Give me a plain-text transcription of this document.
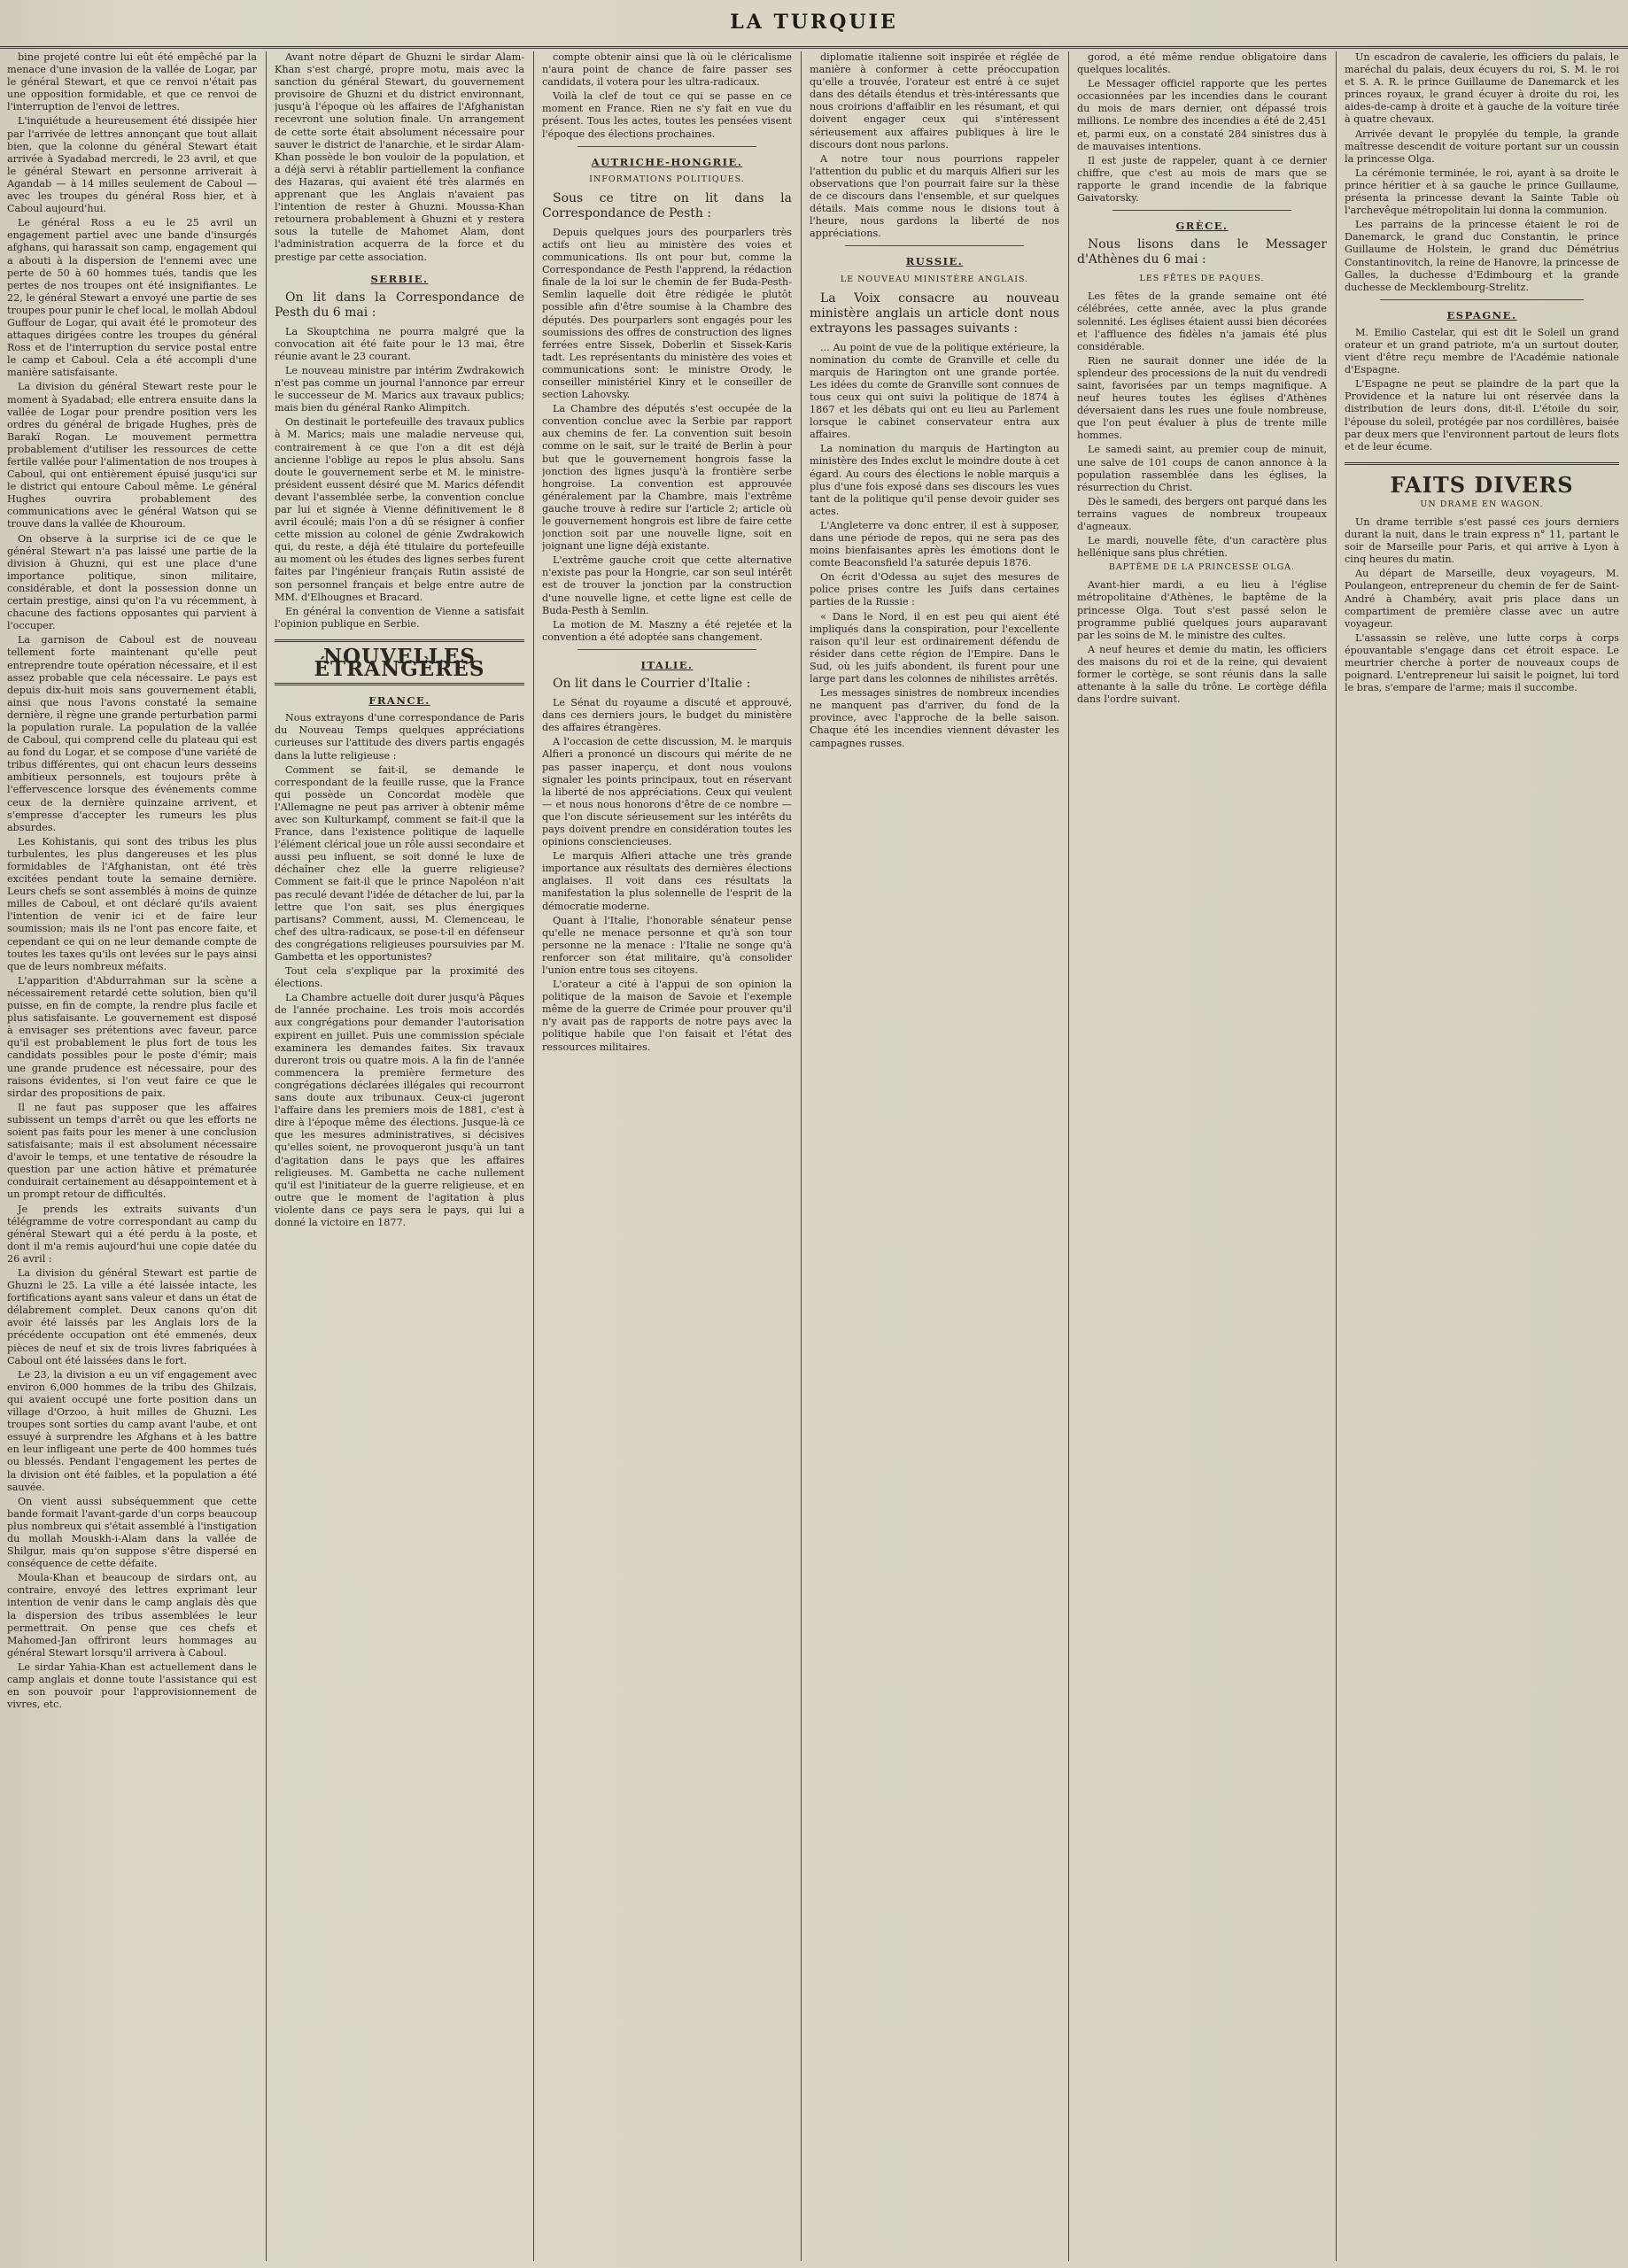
LA TURQUIE

bine projeté contre lui eût été empêché par la menace d'une invasion de la vallée de Logar, par le général Stewart, et que ce renvoi n'était pas une opposition formidable, et que ce renvoi de l'interruption de l'envoi de lettres.

L'inquiétude a heureusement été dissipée hier par l'arrivée de lettres annonçant que tout allait bien, que la colonne du général Stewart était arrivée à Syadabad mercredi, le 23 avril, et que le général Stewart en personne arriverait à Agandab — à 14 milles seulement de Caboul — avec les troupes du général Ross hier, et à Caboul aujourd'hui.

Le général Ross a eu le 25 avril un engagement partiel avec une bande d'insurgés afghans, qui harassait son camp, engagement qui a abouti à la dispersion de l'ennemi avec une perte de 50 à 60 hommes tués, tandis que les pertes de nos troupes ont été insignifiantes. Le 22, le général Stewart a envoyé une partie de ses troupes pour punir le chef local, le mollah Abdoul Guffour de Logar, qui avait été le promoteur des attaques dirigées contre les troupes du général Ross et de l'interruption du service postal entre le camp et Caboul. Cela a été accompli d'une manière satisfaisante.

La division du général Stewart reste pour le moment à Syadabad; elle entrera ensuite dans la vallée de Logar pour prendre position vers les ordres du général de brigade Hughes, près de Barakï Rogan. Le mouvement permettra probablement d'utiliser les ressources de cette fertile vallée pour l'alimentation de nos troupes à Caboul, qui ont entièrement épuisé jusqu'ici sur le district qui entoure Caboul même. Le général Hughes ouvrira probablement des communications avec le général Watson qui se trouve dans la vallée de Khouroum.

On observe à la surprise ici de ce que le général Stewart n'a pas laissé une partie de la division à Ghuzni, qui est une place d'une importance politique, sinon militaire, considérable, et dont la possession donne un certain prestige, ainsi qu'on l'a vu récemment, à chacune des factions opposantes qui parvient à l'occuper.

La garnison de Caboul est de nouveau tellement forte maintenant qu'elle peut entreprendre toute opération nécessaire, et il est assez probable que cela nécessaire. Le pays est depuis dix-huit mois sans gouvernement établi, ainsi que nous l'avons constaté la semaine dernière, il règne une grande perturbation parmi la population rurale. La population de la vallée de Caboul, qui comprend celle du plateau qui est au fond du Logar, et se compose d'une variété de tribus différentes, qui ont chacun leurs desseins ambitieux personnels, est toujours prête à l'effervescence lorsque des événements comme ceux de la dernière quinzaine arrivent, et s'empresse d'accepter les rumeurs les plus absurdes.

Les Kohistanis, qui sont des tribus les plus turbulentes, les plus dangereuses et les plus formidables de l'Afghanistan, ont été très excitées pendant toute la semaine dernière. Leurs chefs se sont assemblés à moins de quinze milles de Caboul, et ont déclaré qu'ils avaient l'intention de venir ici et de faire leur soumission; mais ils ne l'ont pas encore faite, et cependant ce qui on ne leur demande compte de toutes les taxes qu'ils ont levées sur le pays ainsi que de leurs nombreux méfaits.

L'apparition d'Abdurrahman sur la scène a nécessairement retardé cette solution, bien qu'il puisse, en fin de compte, la rendre plus facile et plus satisfaisante. Le gouvernement est disposé à envisager ses prétentions avec faveur, parce qu'il est probablement le plus fort de tous les candidats possibles pour le poste d'émir; mais une grande prudence est nécessaire, pour des raisons évidentes, si l'on veut faire ce que le sirdar des propositions de paix.

Il ne faut pas supposer que les affaires subissent un temps d'arrêt ou que les efforts ne soient pas faits pour les mener à une conclusion satisfaisante; mais il est absolument nécessaire d'avoir le temps, et une tentative de résoudre la question par une action hâtive et prématurée conduirait certainement au désappointement et à un prompt retour de difficultés.

Je prends les extraits suivants d'un télégramme de votre correspondant au camp du général Stewart qui a été perdu à la poste, et dont il m'a remis aujourd'hui une copie datée du 26 avril :

La division du général Stewart est partie de Ghuzni le 25. La ville a été laissée intacte, les fortifications ayant sans valeur et dans un état de délabrement complet. Deux canons qu'on dit avoir été laissés par les Anglais lors de la précédente occupation ont été emmenés, deux pièces de neuf et six de trois livres fabriquées à Caboul ont été laissées dans le fort.

Le 23, la division a eu un vif engagement avec environ 6,000 hommes de la tribu des Ghilzais, qui avaient occupé une forte position dans un village d'Orzoo, à huit milles de Ghuzni. Les troupes sont sorties du camp avant l'aube, et ont essuyé à surprendre les Afghans et à les battre en leur infligeant une perte de 400 hommes tués ou blessés. Pendant l'engagement les pertes de la division ont été faibles, et la population a été sauvée.

On vient aussi subséquemment que cette bande formait l'avant-garde d'un corps beaucoup plus nombreux qui s'était assemblé à l'instigation du mollah Mouskh-i-Alam dans la vallée de Shilgur, mais qu'on suppose s'être dispersé en conséquence de cette défaite.

Moula-Khan et beaucoup de sirdars ont, au contraire, envoyé des lettres exprimant leur intention de venir dans le camp anglais dès que la dispersion des tribus assemblées le leur permettrait. On pense que ces chefs et Mahomed-Jan offriront leurs hommages au général Stewart lorsqu'il arrivera à Caboul.

Le sirdar Yahia-Khan est actuellement dans le camp anglais et donne toute l'assistance qui est en son pouvoir pour l'approvisionnement de vivres, etc.

Avant notre départ de Ghuzni le sirdar Alam-Khan s'est chargé, propre motu, mais avec la sanction du général Stewart, du gouvernement provisoire de Ghuzni et du district environnant, jusqu'à l'époque où les affaires de l'Afghanistan recevront une solution finale. Un arrangement de cette sorte était absolument nécessaire pour sauver le district de l'anarchie, et le sirdar Alam-Khan possède le bon vouloir de la population, et a déjà servi à rétablir partiellement la confiance des Hazaras, qui avaient été très alarmés en apprenant que les Anglais n'avaient pas l'intention de rester à Ghuzni. Moussa-Khan retournera probablement à Ghuzni et y restera sous la tutelle de Mahomet Alam, dont l'administration acquerra de la force et du prestige par cette association.

SERBIE.
On lit dans la Correspondance de Pesth du 6 mai :

La Skouptchina ne pourra malgré que la convocation ait été faite pour le 13 mai, être réunie avant le 23 courant.

Le nouveau ministre par intérim Zwdrakowich n'est pas comme un journal l'annonce par erreur le successeur de M. Marics aux travaux publics; mais bien du général Ranko Alimpitch.

On destinait le portefeuille des travaux publics à M. Marics; mais une maladie nerveuse qui, contrairement à ce que l'on a dit est déjà ancienne l'oblige au repos le plus absolu. Sans doute le gouvernement serbe et M. le ministre-président eussent désiré que M. Marics défendit devant l'assemblée serbe, la convention conclue par lui et signée à Vienne définitivement le 8 avril écoulé; mais l'on a dû se résigner à confier cette mission au colonel de génie Zwdrakowich qui, du reste, a déjà été titulaire du portefeuille au moment où les études des lignes serbes furent faites par l'ingénieur français Rutin assisté de son personnel français et belge entre autre de MM. d'Elhougnes et Bracard.

En général la convention de Vienne a satisfait l'opinion publique en Serbie.

NOUVELLES ÉTRANGÈRES
FRANCE.

Nous extrayons d'une correspondance de Paris du Nouveau Temps quelques appréciations curieuses sur l'attitude des divers partis engagés dans la lutte religieuse :

Comment se fait-il, se demande le correspondant de la feuille russe, que la France qui possède un Concordat modèle que l'Allemagne ne peut pas arriver à obtenir même avec son Kulturkampf, comment se fait-il que la France, dans l'existence politique de laquelle l'élément clérical joue un rôle aussi secondaire et aussi peu influent, se soit donné le luxe de déchaîner chez elle la guerre religieuse? Comment se fait-il que le prince Napoléon n'ait pas reculé devant l'idée de détacher de lui, par la lettre que l'on sait, ses plus énergiques partisans? Comment, aussi, M. Clemenceau, le chef des ultra-radicaux, se pose-t-il en défenseur des congrégations religieuses poursuivies par M. Gambetta et les opportunistes?

Tout cela s'explique par la proximité des élections.

La Chambre actuelle doit durer jusqu'à Pâques de l'année prochaine. Les trois mois accordés aux congrégations pour demander l'autorisation expirent en juillet. Puis une commission spéciale examinera les demandes faites. Six travaux dureront trois ou quatre mois. A la fin de l'année commencera la première fermeture des congrégations déclarées illégales qui recourront sans doute aux tribunaux. Ceux-ci jugeront l'affaire dans les premiers mois de 1881, c'est à dire à l'époque même des élections. Jusque-là ce que les mesures administratives, si décisives qu'elles soient, ne provoqueront jusqu'à un tant d'agitation dans le pays que les affaires religieuses. M. Gambetta ne cache nullement qu'il est l'initiateur de la guerre religieuse, et en outre que le moment de l'agitation à plus violente dans ce pays sera le pays, qui lui a donné la victoire en 1877.

compte obtenir ainsi que là où le cléricalisme n'aura point de chance de faire passer ses candidats, il votera pour les ultra-radicaux.

Voilà la clef de tout ce qui se passe en ce moment en France. Rien ne s'y fait en vue du présent. Tous les actes, toutes les pensées visent l'époque des élections prochaines.

AUTRICHE-HONGRIE.
INFORMATIONS POLITIQUES.
Sous ce titre on lit dans la Correspondance de Pesth :

Depuis quelques jours des pourparlers très actifs ont lieu au ministère des voies et communications. Ils ont pour but, comme la Correspondance de Pesth l'apprend, la rédaction finale de la loi sur le chemin de fer Buda-Pesth-Semlin laquelle doit être rédigée le plutôt possible afin d'être soumise à la Chambre des députés. Des pourparlers sont engagés pour les soumissions des offres de construction des lignes ferrées entre Sissek, Doberlin et Sissek-Karis tadt. Les représentants du ministère des voies et communications sont: le ministre Orody, le conseiller ministériel Kinry et le conseiller de section Lahovsky.

La Chambre des députés s'est occupée de la convention conclue avec la Serbie par rapport aux chemins de fer. La convention suit besoin comme on le sait, sur le traité de Berlin à pour but que le gouvernement hongrois fasse la jonction des lignes jusqu'à la frontière serbe hongroise. La convention est approuvée généralement par la Chambre, mais l'extrême gauche trouve à redire sur l'article 2; article où le gouvernement hongrois est libre de faire cette jonction soit par une nouvelle ligne, soit en joignant une ligne déjà existante.

L'extrême gauche croit que cette alternative n'existe pas pour la Hongrie, car son seul intérêt est de trouver la jonction par la construction d'une nouvelle ligne, et cette ligne est celle de Buda-Pesth à Semlin.

La motion de M. Maszny a été rejetée et la convention a été adoptée sans changement.

ITALIE.
On lit dans le Courrier d'Italie :

Le Sénat du royaume a discuté et approuvé, dans ces derniers jours, le budget du ministère des affaires étrangères.

A l'occasion de cette discussion, M. le marquis Alfieri a prononcé un discours qui mérite de ne pas passer inaperçu, et dont nous voulons signaler les points principaux, tout en réservant la liberté de nos appréciations. Ceux qui veulent — et nous nous honorons d'être de ce nombre — que l'on discute sérieusement sur les intérêts du pays doivent prendre en considération toutes les opinions consciencieuses.

Le marquis Alfieri attache une très grande importance aux résultats des dernières élections anglaises. Il voit dans ces résultats la manifestation la plus solennelle de l'esprit de la démocratie moderne.

Quant à l'Italie, l'honorable sénateur pense qu'elle ne menace personne et qu'à son tour personne ne la menace : l'Italie ne songe qu'à renforcer son état militaire, qu'à consolider l'union entre tous ses citoyens.

L'orateur a cité à l'appui de son opinion la politique de la maison de Savoie et l'exemple même de la guerre de Crimée pour prouver qu'il n'y avait pas de rapports de notre pays avec la politique habile que l'on faisait et l'état des ressources militaires.

diplomatie italienne soit inspirée et réglée de manière à conformer à cette préoccupation qu'elle a trouvée, l'orateur est entré à ce sujet dans des détails étendus et très-intéressants que nous croirions d'affaiblir en les résumant, et qui doivent engager ceux qui s'intéressent sérieusement aux affaires publiques à lire le discours dont nous parlons.

A notre tour nous pourrions rappeler l'attention du public et du marquis Alfieri sur les observations que l'on pourrait faire sur la thèse de ce discours dans l'ensemble, et sur quelques détails. Mais comme nous le disions tout à l'heure, nous gardons la liberté de nos appréciations.

RUSSIE.
LE NOUVEAU MINISTÈRE ANGLAIS.
La Voix consacre au nouveau ministère anglais un article dont nous extrayons les passages suivants :

... Au point de vue de la politique extérieure, la nomination du comte de Granville et celle du marquis de Harington ont une grande portée. Les idées du comte de Granville sont connues de tous ceux qui ont suivi la politique de 1874 à 1867 et les débats qui ont eu lieu au Parlement lorsque le cabinet conservateur entra aux affaires.

La nomination du marquis de Hartington au ministère des Indes exclut le moindre doute à cet égard. Au cours des élections le noble marquis a plus d'une fois exposé dans ses discours les vues tant de la politique qu'il pense devoir guider ses actes.

L'Angleterre va donc entrer, il est à supposer, dans une période de repos, qui ne sera pas des moins bienfaisantes après les émotions dont le comte Beaconsfield l'a saturée depuis 1876.

On écrit d'Odessa au sujet des mesures de police prises contre les Juifs dans certaines parties de la Russie :

« Dans le Nord, il en est peu qui aient été impliqués dans la conspiration, pour l'excellente raison qu'il leur est ordinairement défendu de résider dans cette région de l'Empire. Dans le Sud, où les juifs abondent, ils furent pour une large part dans les colonnes de nihilistes arrêtés.

Les messages sinistres de nombreux incendies ne manquent pas d'arriver, du fond de la province, avec l'approche de la belle saison. Chaque été les incendies viennent dévaster les campagnes russes.

gorod, a été même rendue obligatoire dans quelques localités.

Le Messager officiel rapporte que les pertes occasionnées par les incendies dans le courant du mois de mars dernier, ont dépassé trois millions. Le nombre des incendies a été de 2,451 et, parmi eux, on a constaté 284 sinistres dus à de mauvaises intentions.

Il est juste de rappeler, quant à ce dernier chiffre, que c'est au mois de mars que se rapporte le grand incendie de la fabrique Gaivatorsky.

GRÈCE.
Nous lisons dans le Messager d'Athènes du 6 mai :
LES FÊTES DE PAQUES.

Les fêtes de la grande semaine ont été célébrées, cette année, avec la plus grande solennité. Les églises étaient aussi bien décorées et l'affluence des fidèles n'a jamais été plus considérable.

Rien ne saurait donner une idée de la splendeur des processions de la nuit du vendredi saint, favorisées par un temps magnifique. A neuf heures toutes les églises d'Athènes déversaient dans les rues une foule nombreuse, que l'on peut évaluer à plus de trente mille hommes.

Le samedi saint, au premier coup de minuit, une salve de 101 coups de canon annonce à la population rassemblée dans les églises, la résurrection du Christ.

Dès le samedi, des bergers ont parqué dans les terrains vagues de nombreux troupeaux d'agneaux.

Le mardi, nouvelle fête, d'un caractère plus hellénique sans plus chrétien.

BAPTÊME DE LA PRINCESSE OLGA.

Avant-hier mardi, a eu lieu à l'église métropolitaine d'Athènes, le baptême de la princesse Olga. Tout s'est passé selon le programme publié quelques jours auparavant par les soins de M. le ministre des cultes.

A neuf heures et demie du matin, les officiers des maisons du roi et de la reine, qui devaient former le cortège, se sont réunis dans la salle attenante à la salle du trône. Le cortège défila dans l'ordre suivant.

Un escadron de cavalerie, les officiers du palais, le maréchal du palais, deux écuyers du roi, S. M. le roi et S. A. R. le prince Guillaume de Danemarck et les princes royaux, le grand écuyer à droite du roi, les aides-de-camp à droite et à gauche de la voiture tirée à quatre chevaux.

Arrivée devant le propylée du temple, la grande maîtresse descendit de voiture portant sur un coussin la princesse Olga.

La cérémonie terminée, le roi, ayant à sa droite le prince héritier et à sa gauche le prince Guillaume, présenta la princesse devant la Sainte Table où l'archevêque métropolitain lui donna la communion.

Les parrains de la princesse étaient le roi de Danemarck, le grand duc Constantin, le prince Guillaume de Holstein, le grand duc Démétrius Constantinovitch, la reine de Hanovre, la princesse de Galles, la duchesse d'Edimbourg et la grande duchesse de Mecklembourg-Strelitz.

ESPAGNE.

M. Emilio Castelar, qui est dit le Soleil un grand orateur et un grand patriote, m'a un surtout douter, vient d'être reçu membre de l'Académie nationale d'Espagne.

L'Espagne ne peut se plaindre de la part que la Providence et la nature lui ont réservée dans la distribution de leurs dons, dit-il. L'étoile du soir, l'épouse du soleil, protégée par nos cordillères, baisée par deux mers que l'environnent partout de leurs flots et de leur écume.

FAITS DIVERS
UN DRAME EN WAGON.

Un drame terrible s'est passé ces jours derniers durant la nuit, dans le train express n° 11, partant le soir de Marseille pour Paris, et qui arrive à Lyon à cinq heures du matin.

Au départ de Marseille, deux voyageurs, M. Poulangeon, entrepreneur du chemin de fer de Saint-André à Chambéry, avait pris place dans un compartiment de première classe avec un autre voyageur.

L'assassin se relève, une lutte corps à corps épouvantable s'engage dans cet étroit espace. Le meurtrier cherche à porter de nouveaux coups de poignard. L'entrepreneur lui saisit le poignet, lui tord le bras, s'empare de l'arme; mais il succombe.
